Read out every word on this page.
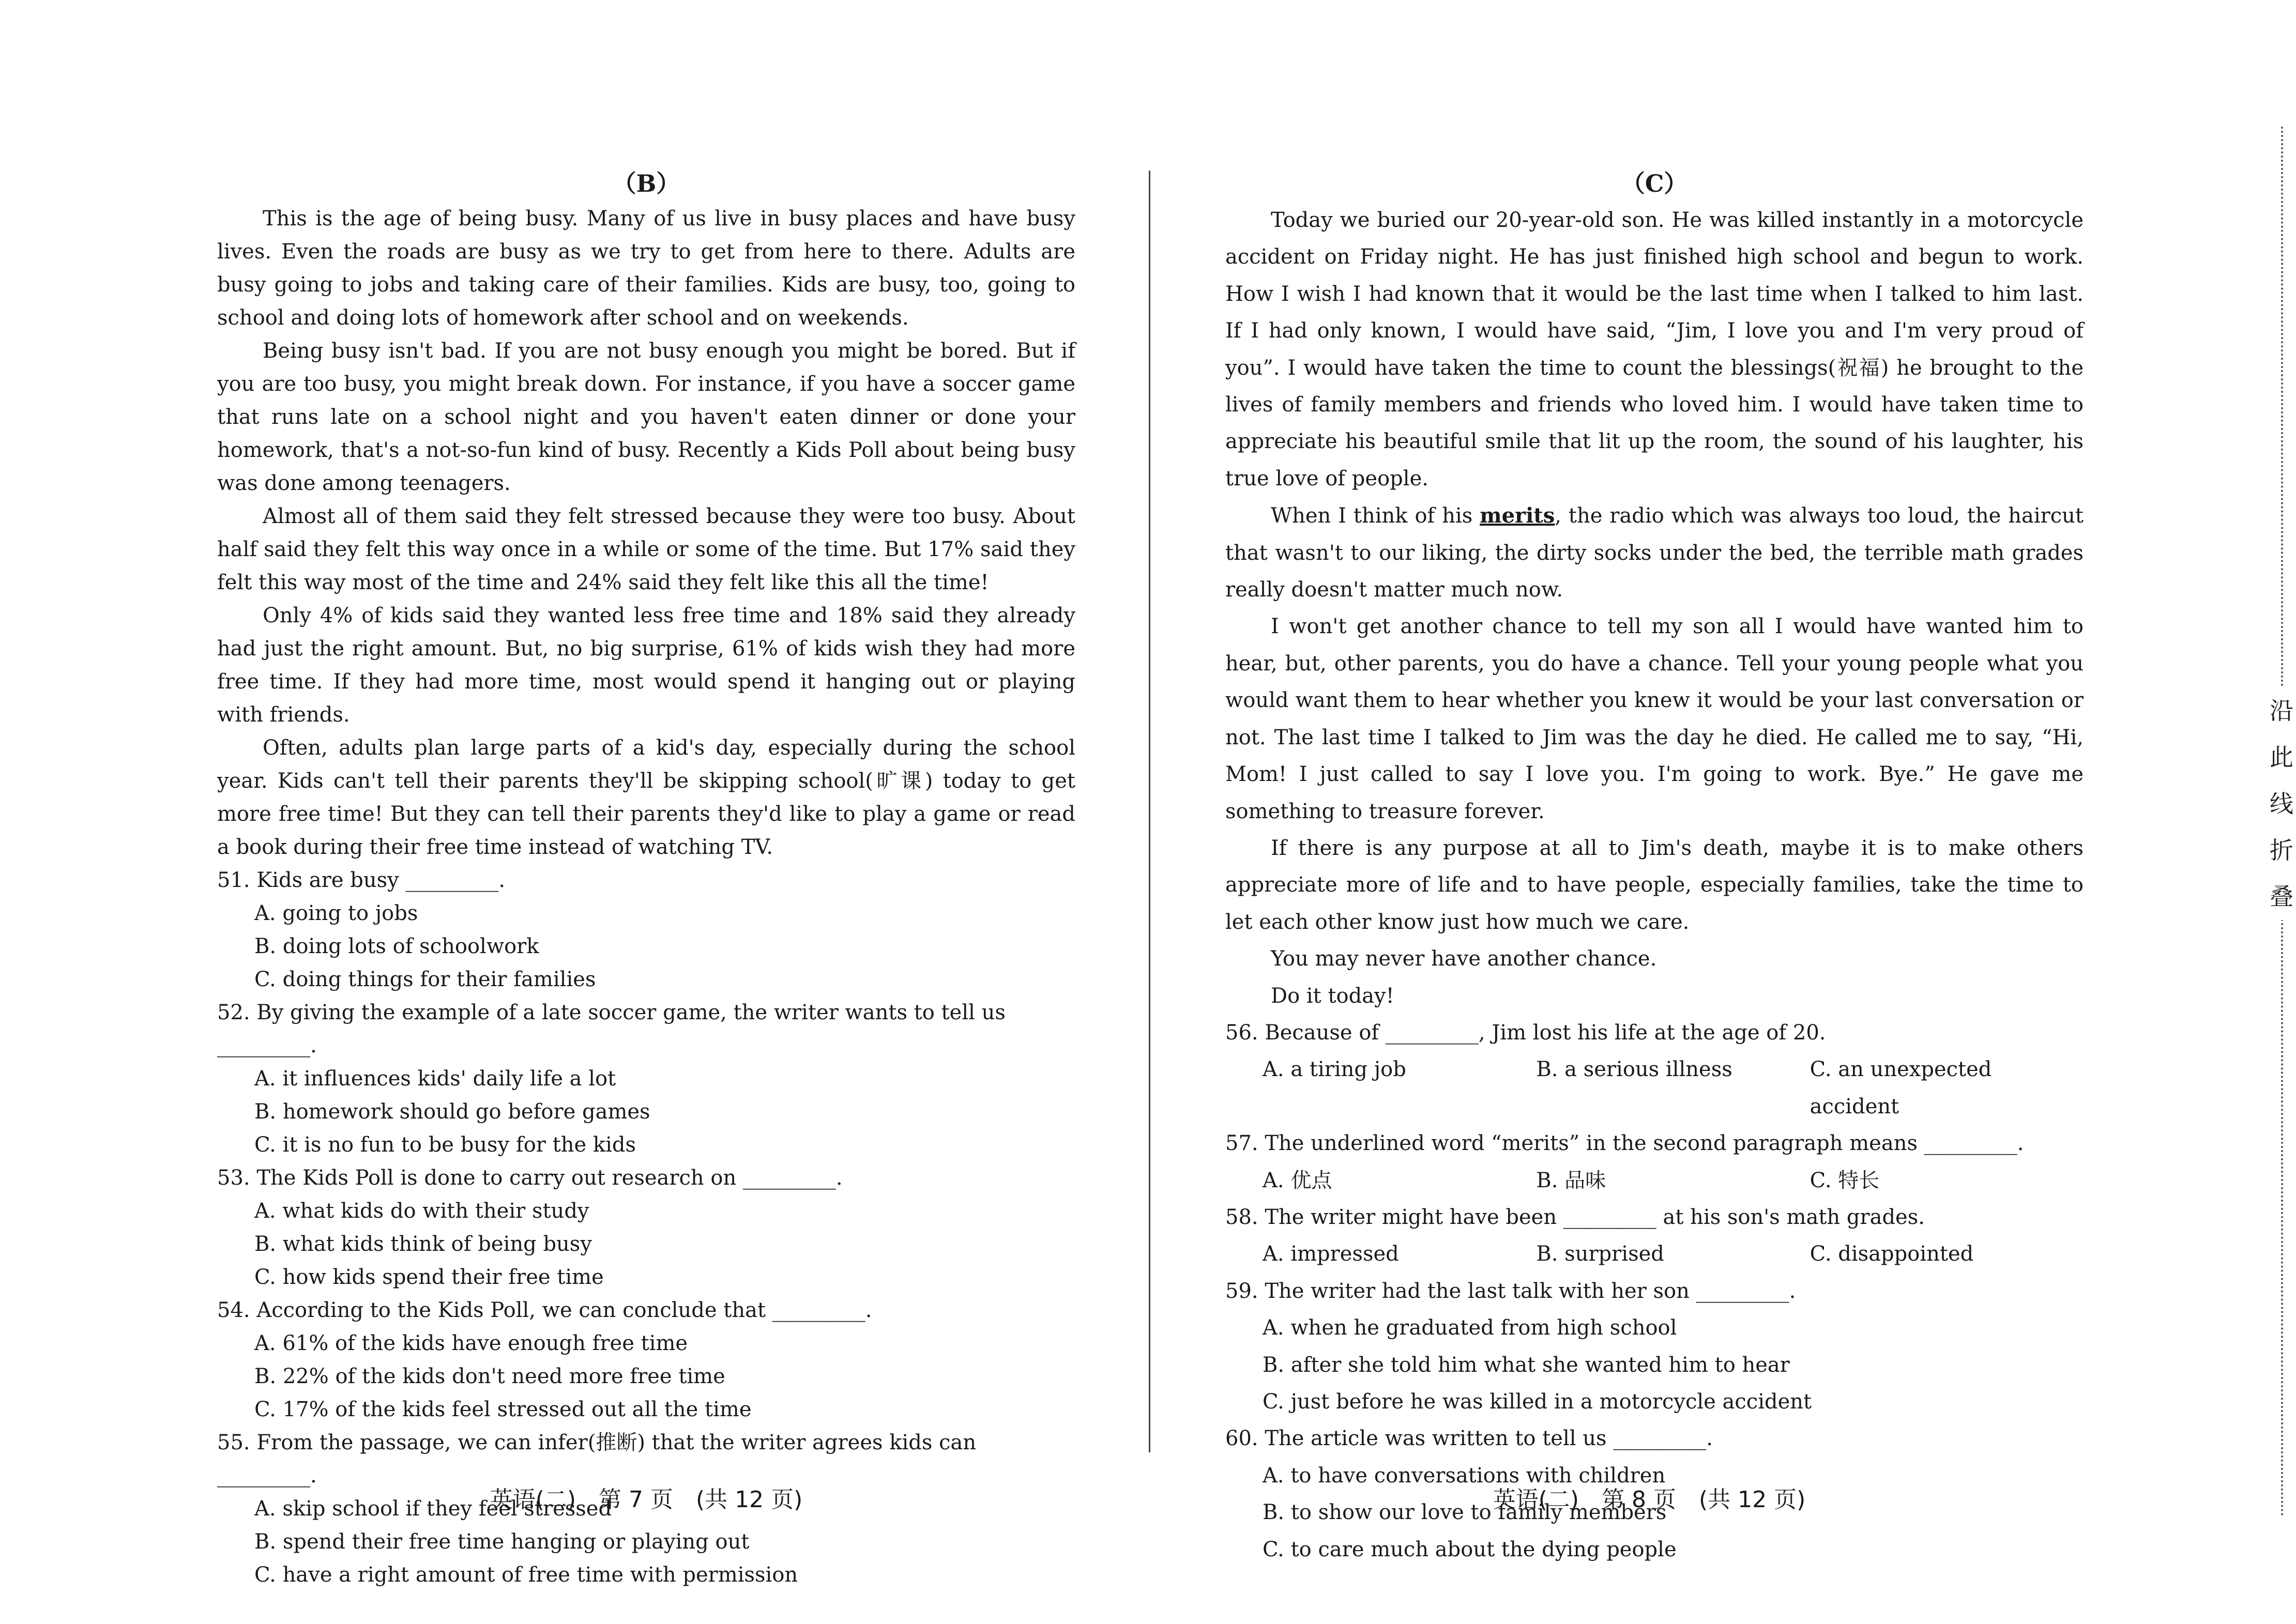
（B）

This is the age of being busy. Many of us live in busy places and have busy lives. Even the roads are busy as we try to get from here to there. Adults are busy going to jobs and taking care of their families. Kids are busy, too, going to school and doing lots of homework after school and on weekends.

Being busy isn't bad. If you are not busy enough you might be bored. But if you are too busy, you might break down. For instance, if you have a soccer game that runs late on a school night and you haven't eaten dinner or done your homework, that's a not-so-fun kind of busy. Recently a Kids Poll about being busy was done among teenagers.

Almost all of them said they felt stressed because they were too busy. About half said they felt this way once in a while or some of the time. But 17% said they felt this way most of the time and 24% said they felt like this all the time!

Only 4% of kids said they wanted less free time and 18% said they already had just the right amount. But, no big surprise, 61% of kids wish they had more free time. If they had more time, most would spend it hanging out or playing with friends.

Often, adults plan large parts of a kid's day, especially during the school year. Kids can't tell their parents they'll be skipping school(旷课) today to get more free time! But they can tell their parents they'd like to play a game or read a book during their free time instead of watching TV.

51. Kids are busy _________.

A. going to jobs

B. doing lots of schoolwork

C. doing things for their families

52. By giving the example of a late soccer game, the writer wants to tell us _________.

A. it influences kids' daily life a lot

B. homework should go before games

C. it is no fun to be busy for the kids

53. The Kids Poll is done to carry out research on _________.

A. what kids do with their study

B. what kids think of being busy

C. how kids spend their free time

54. According to the Kids Poll, we can conclude that _________.

A. 61% of the kids have enough free time

B. 22% of the kids don't need more free time

C. 17% of the kids feel stressed out all the time

55. From the passage, we can infer(推断) that the writer agrees kids can _________.

A. skip school if they feel stressed

B. spend their free time hanging or playing out

C. have a right amount of free time with permission

（C）

Today we buried our 20-year-old son. He was killed instantly in a motorcycle accident on Friday night. He has just finished high school and begun to work. How I wish I had known that it would be the last time when I talked to him last. If I had only known, I would have said, “Jim, I love you and I'm very proud of you”. I would have taken the time to count the blessings(祝福) he brought to the lives of family members and friends who loved him. I would have taken time to appreciate his beautiful smile that lit up the room, the sound of his laughter, his true love of people.

When I think of his merits, the radio which was always too loud, the haircut that wasn't to our liking, the dirty socks under the bed, the terrible math grades really doesn't matter much now.

I won't get another chance to tell my son all I would have wanted him to hear, but, other parents, you do have a chance. Tell your young people what you would want them to hear whether you knew it would be your last conversation or not. The last time I talked to Jim was the day he died. He called me to say, “Hi, Mom! I just called to say I love you. I'm going to work. Bye.” He gave me something to treasure forever.

If there is any purpose at all to Jim's death, maybe it is to make others appreciate more of life and to have people, especially families, take the time to let each other know just how much we care.

You may never have another chance.

Do it today!

56. Because of _________, Jim lost his life at the age of 20.

A. a tiring job	B. a serious illness	C. an unexpected accident

57. The underlined word “merits” in the second paragraph means _________.

A. 优点	B. 品味	C. 特长

58. The writer might have been _________ at his son's math grades.

A. impressed	B. surprised	C. disappointed

59. The writer had the last talk with her son _________.

A. when he graduated from high school

B. after she told him what she wanted him to hear

C. just before he was killed in a motorcycle accident

60. The article was written to tell us _________.

A. to have conversations with children

B. to show our love to family members

C. to care much about the dying people

英语(二)　第 7 页　(共 12 页)	英语(二)　第 8 页　(共 12 页)
沿
此
线
折
叠
